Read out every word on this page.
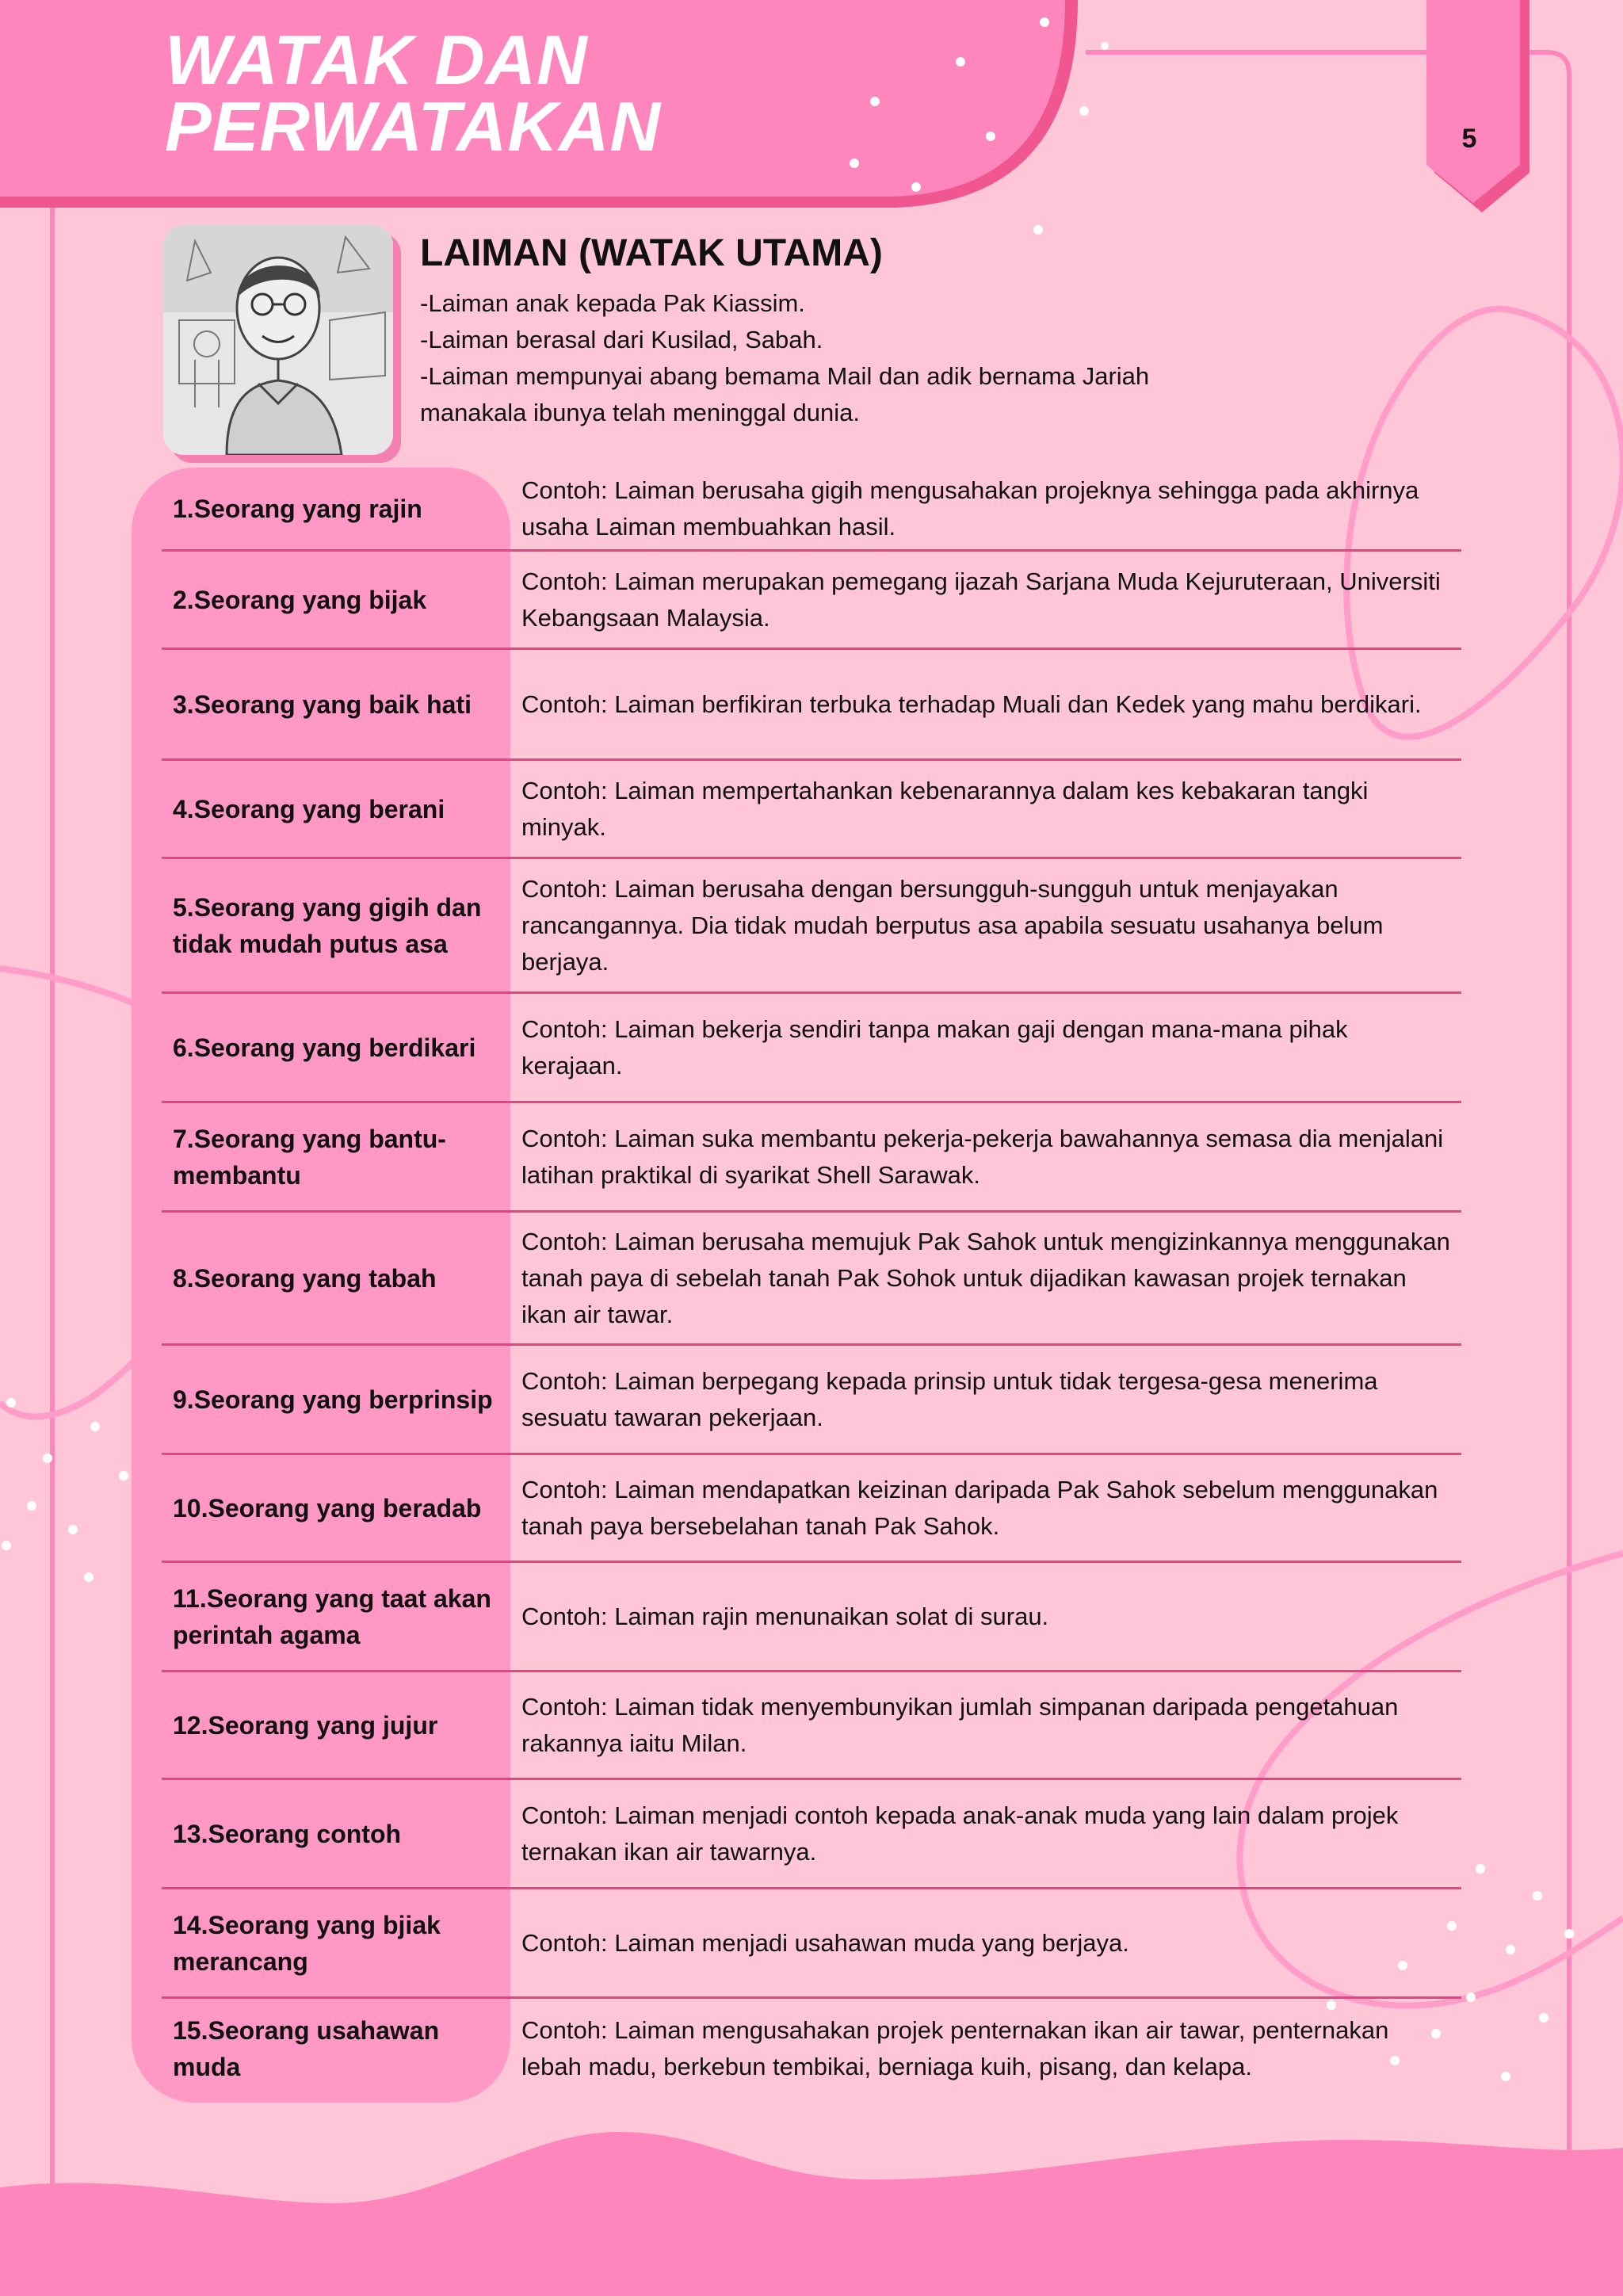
WATAK DAN
PERWATAKAN	5
LAIMAN (WATAK UTAMA)
-Laiman anak kepada Pak Kiassim.
-Laiman berasal dari Kusilad, Sabah.
-Laiman mempunyai abang bemama Mail dan adik bernama Jariah
manakala ibunya telah meninggal dunia.
1.Seorang yang rajin
Contoh: Laiman berusaha gigih mengusahakan projeknya sehingga pada akhirnya usaha Laiman membuahkan hasil.
2.Seorang yang bijak
Contoh: Laiman merupakan pemegang ijazah Sarjana Muda Kejuruteraan, Universiti Kebangsaan Malaysia.
3.Seorang yang baik hati	Contoh: Laiman berfikiran terbuka terhadap Muali dan Kedek yang mahu berdikari.
4.Seorang yang berani
Contoh: Laiman mempertahankan kebenarannya dalam kes kebakaran tangki minyak.
5.Seorang yang gigih dan tidak mudah putus asa
Contoh: Laiman berusaha dengan bersungguh-sungguh untuk menjayakan rancangannya. Dia tidak mudah berputus asa apabila sesuatu usahanya belum berjaya.
6.Seorang yang berdikari
Contoh: Laiman bekerja sendiri tanpa makan gaji dengan mana-mana pihak kerajaan.
7.Seorang yang bantu-membantu
Contoh: Laiman suka membantu pekerja-pekerja bawahannya semasa dia menjalani latihan praktikal di syarikat Shell Sarawak.
8.Seorang yang tabah
Contoh: Laiman berusaha memujuk Pak Sahok untuk mengizinkannya menggunakan tanah paya di sebelah tanah Pak Sohok untuk dijadikan kawasan projek ternakan ikan air tawar.
9.Seorang yang berprinsip
Contoh: Laiman berpegang kepada prinsip untuk tidak tergesa-gesa menerima sesuatu tawaran pekerjaan.
10.Seorang yang beradab
Contoh: Laiman mendapatkan keizinan daripada Pak Sahok sebelum menggunakan tanah paya bersebelahan tanah Pak Sahok.
11.Seorang yang taat akan perintah agama
Contoh: Laiman rajin menunaikan solat di surau.
12.Seorang yang jujur
Contoh: Laiman tidak menyembunyikan jumlah simpanan daripada pengetahuan rakannya iaitu Milan.
13.Seorang contoh
Contoh: Laiman menjadi contoh kepada anak-anak muda yang lain dalam projek ternakan ikan air tawarnya.
14.Seorang yang bjiak merancang
Contoh: Laiman menjadi usahawan muda yang berjaya.
15.Seorang usahawan muda
Contoh: Laiman mengusahakan projek penternakan ikan air tawar, penternakan lebah madu, berkebun tembikai, berniaga kuih, pisang, dan kelapa.
